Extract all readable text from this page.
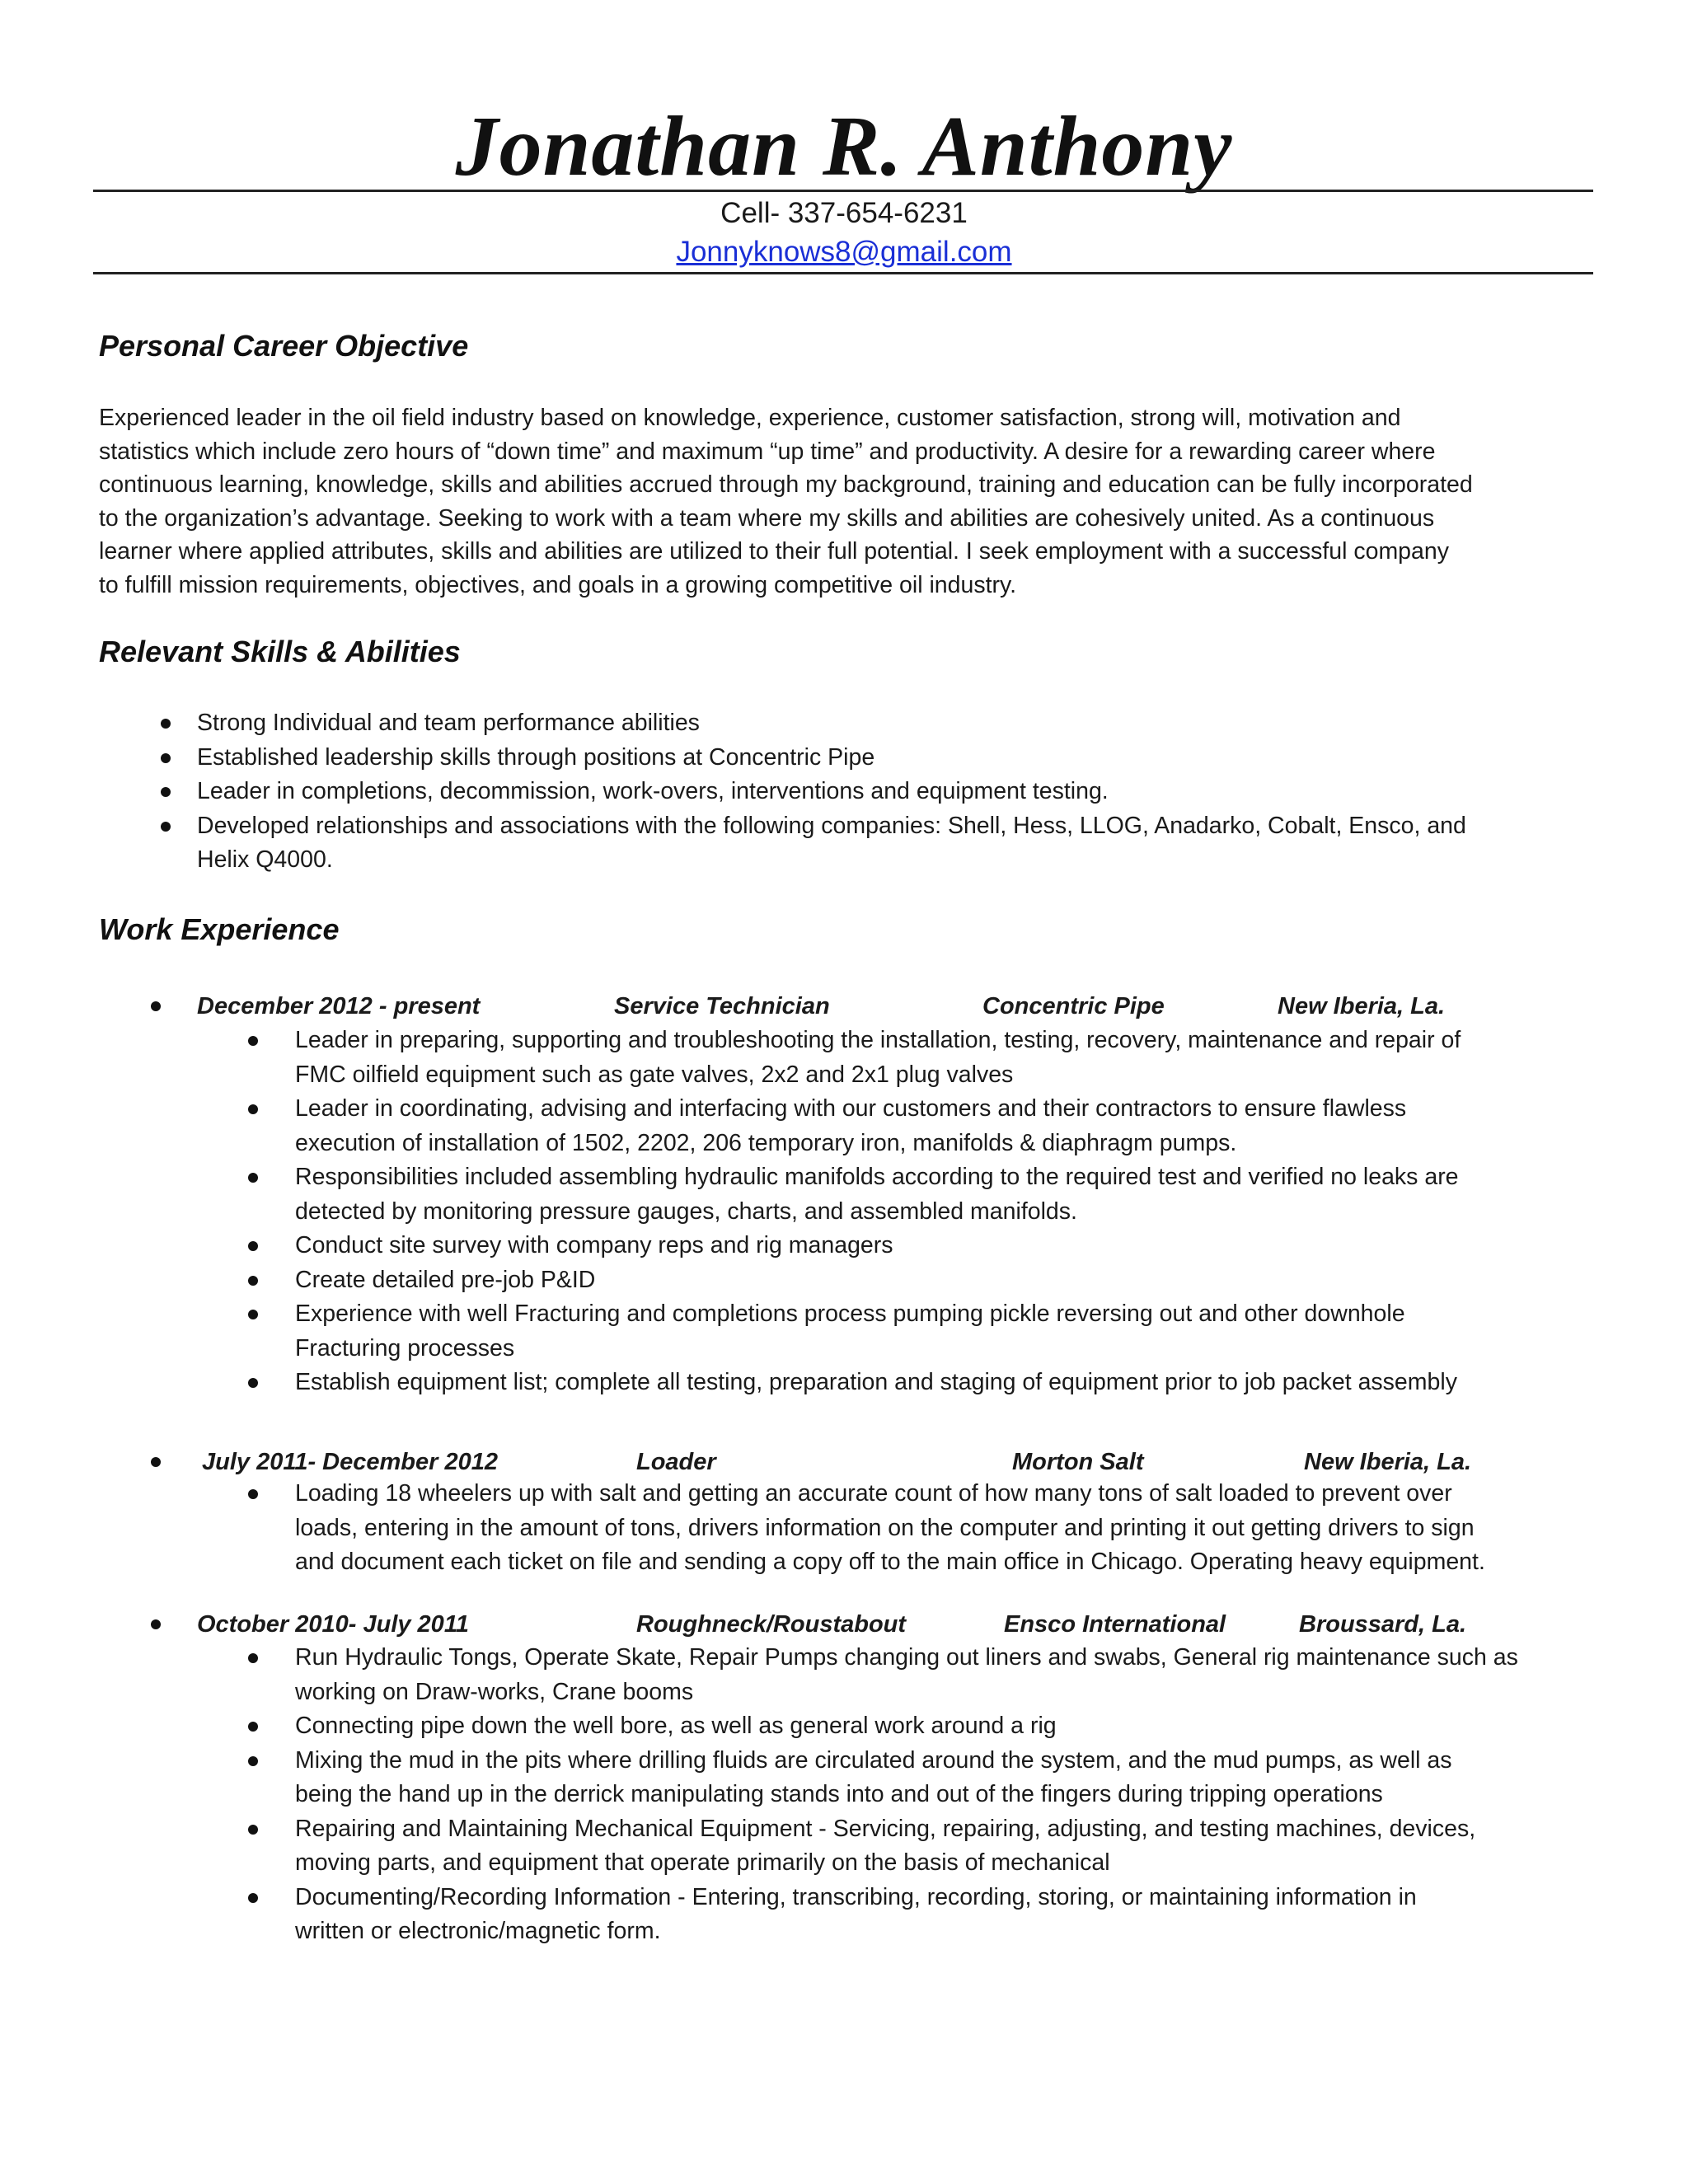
Jonathan R. Anthony
Cell- 337-654-6231
Jonnyknows8@gmail.com
Personal Career Objective
Experienced leader in the oil field industry based on knowledge, experience, customer satisfaction, strong will, motivation and
statistics which include zero hours of “down time” and maximum “up time” and productivity. A desire for a rewarding career where
continuous learning, knowledge, skills and abilities accrued through my background, training and education can be fully incorporated
to the organization’s advantage. Seeking to work with a team where my skills and abilities are cohesively united. As a continuous
learner where applied attributes, skills and abilities are utilized to their full potential. I seek employment with a successful company
to fulfill mission requirements, objectives, and goals in a growing competitive oil industry.
Relevant Skills & Abilities
Strong Individual and team performance abilities
Established leadership skills through positions at Concentric Pipe
Leader in completions, decommission, work-overs, interventions and equipment testing.
Developed relationships and associations with the following companies: Shell, Hess, LLOG, Anadarko, Cobalt, Ensco, and
Helix Q4000.
Work Experience
December 2012 - present	Service Technician	Concentric Pipe	New Iberia, La.
Leader in preparing, supporting and troubleshooting the installation, testing, recovery, maintenance and repair of
FMC oilfield equipment such as gate valves, 2x2 and 2x1 plug valves
Leader in coordinating, advising and interfacing with our customers and their contractors to ensure flawless
execution of installation of 1502, 2202, 206 temporary iron, manifolds & diaphragm pumps.
Responsibilities included assembling hydraulic manifolds according to the required test and verified no leaks are
detected by monitoring pressure gauges, charts, and assembled manifolds.
Conduct site survey with company reps and rig managers
Create detailed pre-job P&ID
Experience with well Fracturing and completions process pumping pickle reversing out and other downhole
Fracturing processes
Establish equipment list; complete all testing, preparation and staging of equipment prior to job packet assembly
July 2011- December 2012	Loader	Morton Salt	New Iberia, La.
Loading 18 wheelers up with salt and getting an accurate count of how many tons of salt loaded to prevent over
loads, entering in the amount of tons, drivers information on the computer and printing it out getting drivers to sign
and document each ticket on file and sending a copy off to the main office in Chicago. Operating heavy equipment.
October 2010- July 2011	Roughneck/Roustabout	Ensco International	Broussard, La.
Run Hydraulic Tongs, Operate Skate, Repair Pumps changing out liners and swabs, General rig maintenance such as
working on Draw-works, Crane booms
Connecting pipe down the well bore, as well as general work around a rig
Mixing the mud in the pits where drilling fluids are circulated around the system, and the mud pumps, as well as
being the hand up in the derrick manipulating stands into and out of the fingers during tripping operations
Repairing and Maintaining Mechanical Equipment - Servicing, repairing, adjusting, and testing machines, devices,
moving parts, and equipment that operate primarily on the basis of mechanical
Documenting/Recording Information - Entering, transcribing, recording, storing, or maintaining information in
written or electronic/magnetic form.
